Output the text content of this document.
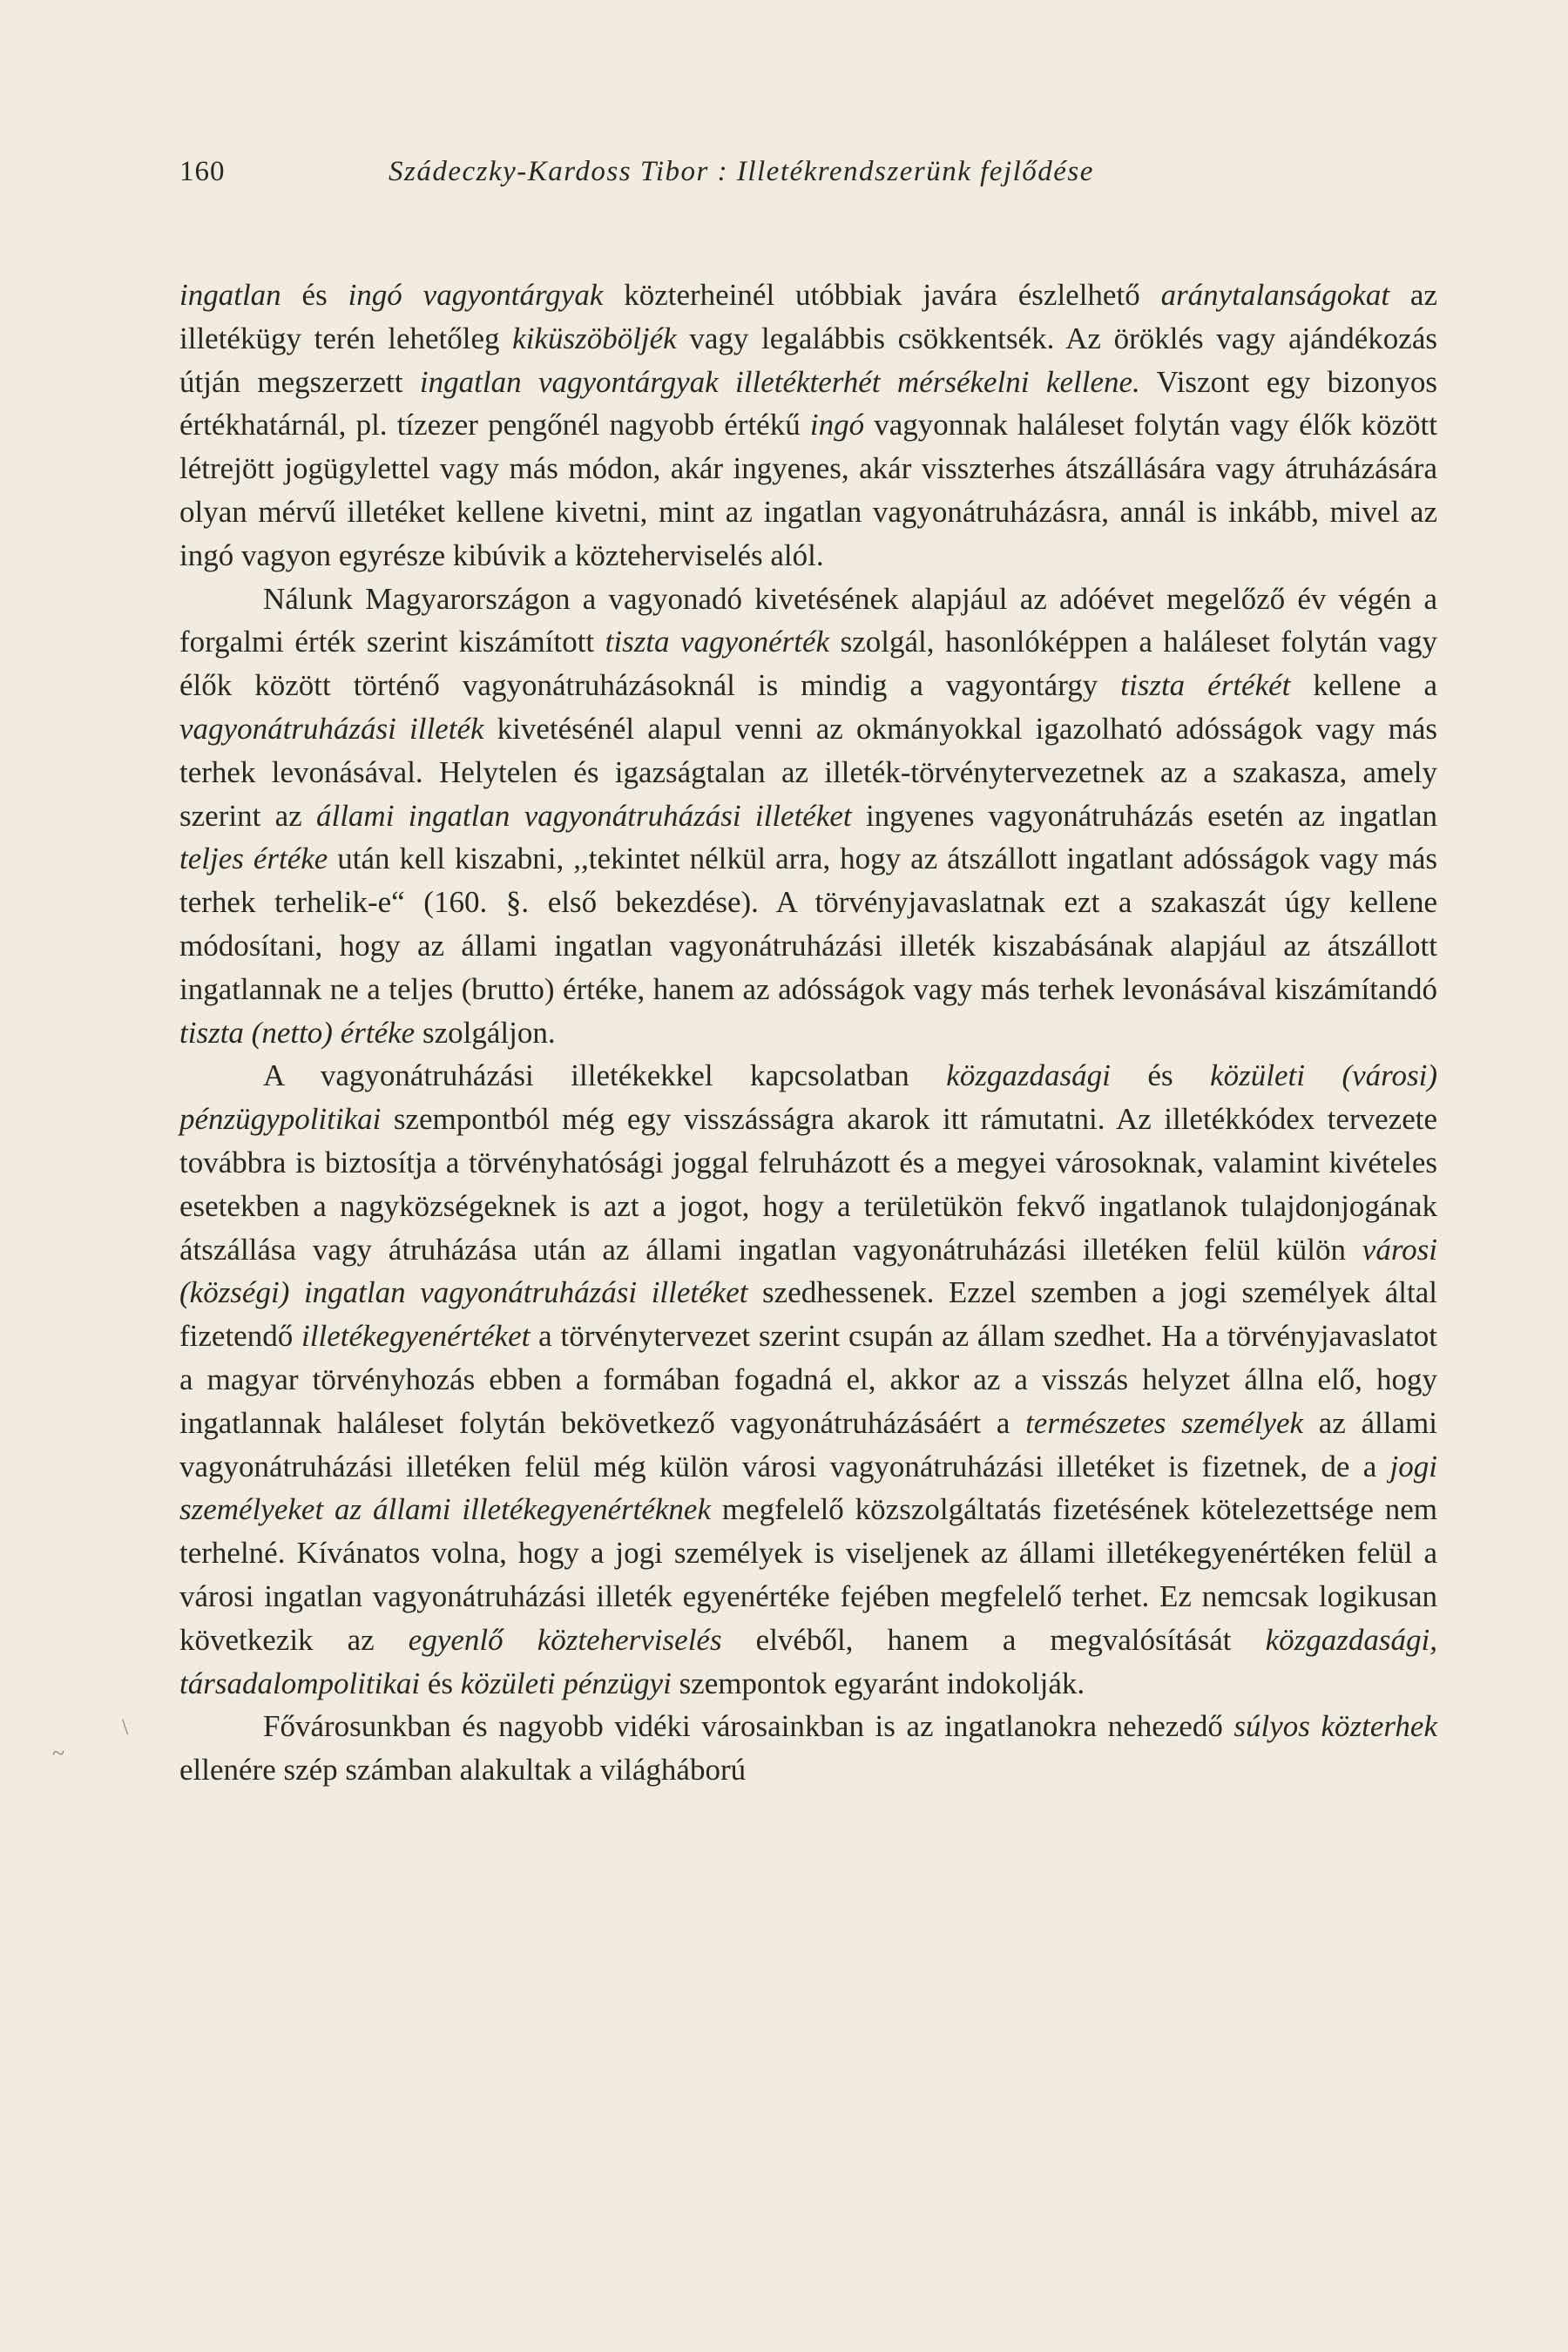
160	Szádeczky-Kardoss Tibor : Illetékrendszerünk fejlődése

ingatlan és ingó vagyontárgyak közterheinél utóbbiak javára észlelhető aránytalanságokat az illetékügy terén lehetőleg kiküszöböljék vagy legalábbis csökkentsék. Az öröklés vagy ajándékozás útján megszerzett ingatlan vagyontárgyak illetékterhét mérsékelni kellene. Viszont egy bizonyos értékhatárnál, pl. tízezer pengőnél nagyobb értékű ingó vagyonnak haláleset folytán vagy élők között létrejött jogügylettel vagy más módon, akár ingyenes, akár visszterhes átszállására vagy átruházására olyan mérvű illetéket kellene kivetni, mint az ingatlan vagyonátruházásra, annál is inkább, mivel az ingó vagyon egyrésze kibúvik a közteherviselés alól.

Nálunk Magyarországon a vagyonadó kivetésének alapjául az adóévet megelőző év végén a forgalmi érték szerint kiszámított tiszta vagyonérték szolgál, hasonlóképpen a haláleset folytán vagy élők között történő vagyonátruházásoknál is mindig a vagyontárgy tiszta értékét kellene a vagyonátruházási illeték kivetésénél alapul venni az okmányokkal igazolható adósságok vagy más terhek levonásával. Helytelen és igazságtalan az illeték-törvénytervezetnek az a szakasza, amely szerint az állami ingatlan vagyonátruházási illetéket ingyenes vagyonátruházás esetén az ingatlan teljes értéke után kell kiszabni, ,,tekintet nélkül arra, hogy az átszállott ingatlant adósságok vagy más terhek terhelik-e“ (160. §. első bekezdése). A törvényjavaslatnak ezt a szakaszát úgy kellene módosítani, hogy az állami ingatlan vagyonátruházási illeték kiszabásának alapjául az átszállott ingatlannak ne a teljes (brutto) értéke, hanem az adósságok vagy más terhek levonásával kiszámítandó tiszta (netto) értéke szolgáljon.

A vagyonátruházási illetékekkel kapcsolatban közgazdasági és közületi (városi) pénzügypolitikai szempontból még egy visszásságra akarok itt rámutatni. Az illetékkódex tervezete továbbra is biztosítja a törvényhatósági joggal felruházott és a megyei városoknak, valamint kivételes esetekben a nagyközségeknek is azt a jogot, hogy a területükön fekvő ingatlanok tulajdonjogának átszállása vagy átruházása után az állami ingatlan vagyonátruházási illetéken felül külön városi (községi) ingatlan vagyonátruházási illetéket szedhessenek. Ezzel szemben a jogi személyek által fizetendő illetékegyenértéket a törvénytervezet szerint csupán az állam szedhet. Ha a törvényjavaslatot a magyar törvényhozás ebben a formában fogadná el, akkor az a visszás helyzet állna elő, hogy ingatlannak haláleset folytán bekövetkező vagyonátruházásáért a természetes személyek az állami vagyonátruházási illetéken felül még külön városi vagyonátruházási illetéket is fizetnek, de a jogi személyeket az állami illetékegyenértéknek megfelelő közszolgáltatás fizetésének kötelezettsége nem terhelné. Kívánatos volna, hogy a jogi személyek is viseljenek az állami illetékegyenértéken felül a városi ingatlan vagyonátruházási illeték egyenértéke fejében megfelelő terhet. Ez nemcsak logikusan következik az egyenlő közteherviselés elvéből, hanem a megvalósítását közgazdasági, társadalompolitikai és közületi pénzügyi szempontok egyaránt indokolják.

Fővárosunkban és nagyobb vidéki városainkban is az ingatlanokra nehezedő súlyos közterhek ellenére szép számban alakultak a világháború

\
~
